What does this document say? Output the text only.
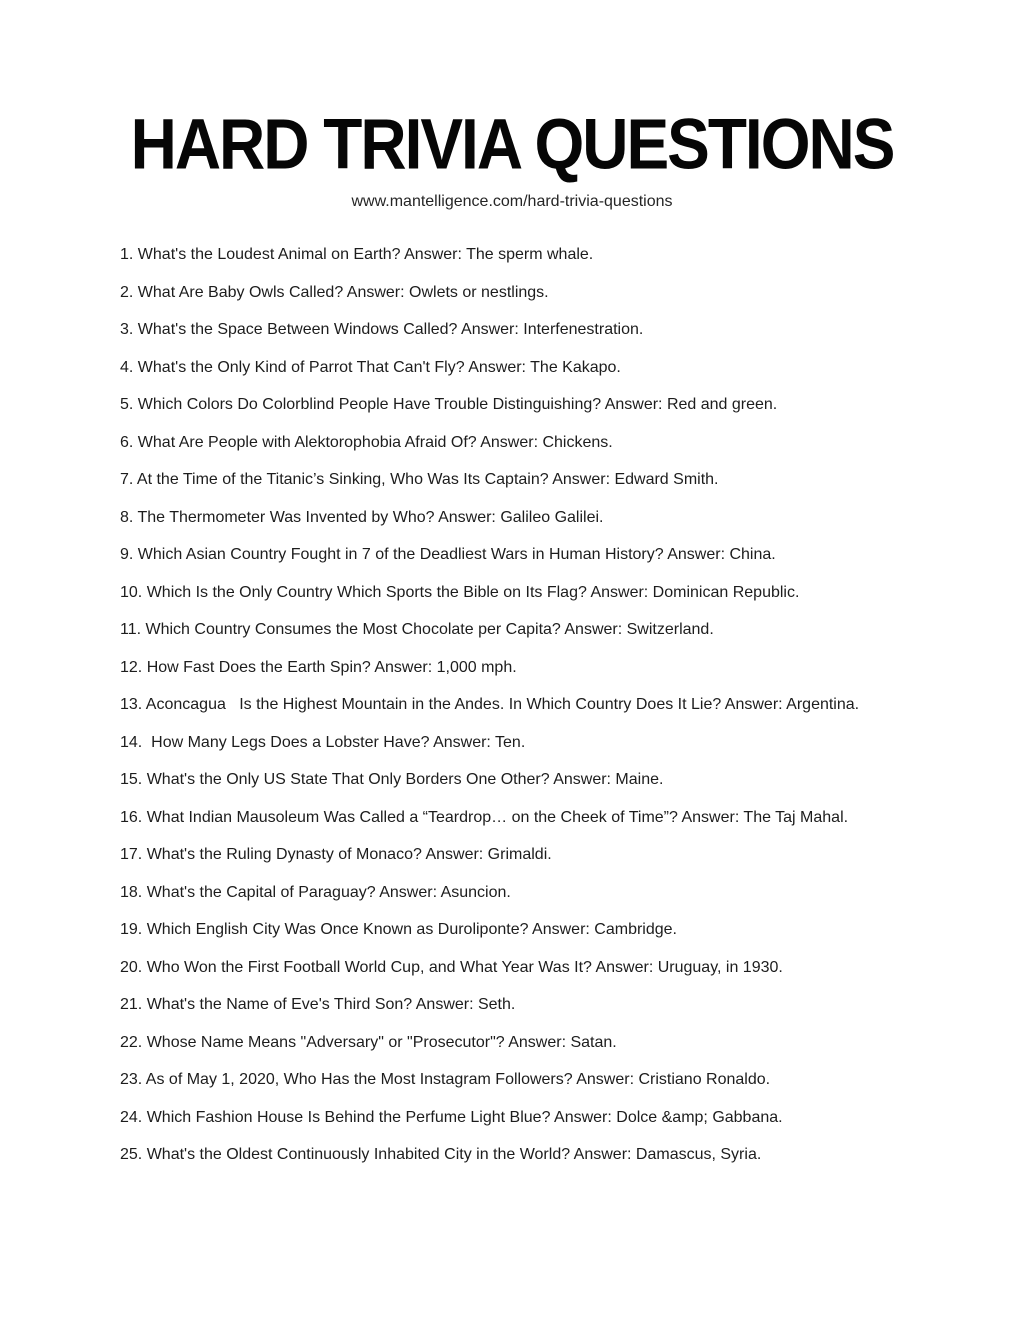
HARD TRIVIA QUESTIONS
www.mantelligence.com/hard-trivia-questions

1. What's the Loudest Animal on Earth? Answer: The sperm whale.

2. What Are Baby Owls Called? Answer: Owlets or nestlings.

3. What's the Space Between Windows Called? Answer: Interfenestration.

4. What's the Only Kind of Parrot That Can't Fly? Answer: The Kakapo.

5. Which Colors Do Colorblind People Have Trouble Distinguishing? Answer: Red and green.

6. What Are People with Alektorophobia Afraid Of? Answer: Chickens.

7. At the Time of the Titanic’s Sinking, Who Was Its Captain? Answer: Edward Smith.

8. The Thermometer Was Invented by Who? Answer: Galileo Galilei.

9. Which Asian Country Fought in 7 of the Deadliest Wars in Human History? Answer: China.

10. Which Is the Only Country Which Sports the Bible on Its Flag? Answer: Dominican Republic.

11. Which Country Consumes the Most Chocolate per Capita? Answer: Switzerland.

12. How Fast Does the Earth Spin? Answer: 1,000 mph.

13. Aconcagua   Is the Highest Mountain in the Andes. In Which Country Does It Lie? Answer: Argentina.

14.  How Many Legs Does a Lobster Have? Answer: Ten.

15. What's the Only US State That Only Borders One Other? Answer: Maine.

16. What Indian Mausoleum Was Called a “Teardrop… on the Cheek of Time”? Answer: The Taj Mahal.

17. What's the Ruling Dynasty of Monaco? Answer: Grimaldi.

18. What's the Capital of Paraguay? Answer: Asuncion.

19. Which English City Was Once Known as Duroliponte? Answer: Cambridge.

20. Who Won the First Football World Cup, and What Year Was It? Answer: Uruguay, in 1930.

21. What's the Name of Eve's Third Son? Answer: Seth.

22. Whose Name Means "Adversary" or "Prosecutor"? Answer: Satan.

23. As of May 1, 2020, Who Has the Most Instagram Followers? Answer: Cristiano Ronaldo.

24. Which Fashion House Is Behind the Perfume Light Blue? Answer: Dolce &amp; Gabbana.

25. What's the Oldest Continuously Inhabited City in the World? Answer: Damascus, Syria.
